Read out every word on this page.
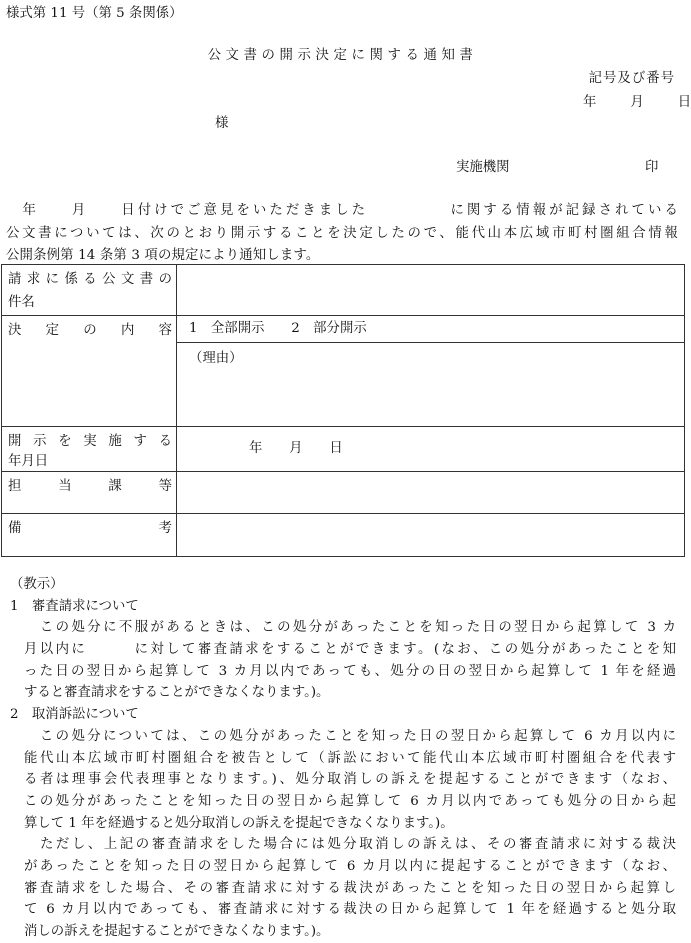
様式第 11 号（第 5 条関係）
公文書の開示決定に関する通知書
記号及び番号
年	月	日
様
実施機関	印
　年　　月　　日付けでご意見をいただきました　　　　　に関する情報が記録されている
公文書については、次のとおり開示することを決定したので、能代山本広域市町村圏組合情報
公開条例第 14 条第 3 項の規定により通知します。
請求に係る公文書の
件名	

決定の内容	1　全部開示　　2　部分開示
（理由）

開示を実施する
年月日	年　　月　　日

担当課等	

備考	

（教示）
1　審査請求について
　この処分に不服があるときは、この処分があったことを知った日の翌日から起算して 3 カ
月以内に　　　に対して審査請求をすることができます。(なお、この処分があったことを知
った日の翌日から起算して 3 カ月以内であっても、処分の日の翌日から起算して 1 年を経過
すると審査請求をすることができなくなります。)。
2　取消訴訟について
　この処分については、この処分があったことを知った日の翌日から起算して 6 カ月以内に
能代山本広域市町村圏組合を被告として（訴訟において能代山本広域市町村圏組合を代表す
る者は理事会代表理事となります。)、処分取消しの訴えを提起することができます（なお、
この処分があったことを知った日の翌日から起算して 6 カ月以内であっても処分の日から起
算して 1 年を経過すると処分取消しの訴えを提起できなくなります。)。
　ただし、上記の審査請求をした場合には処分取消しの訴えは、その審査請求に対する裁決
があったことを知った日の翌日から起算して 6 カ月以内に提起することができます（なお、
審査請求をした場合、その審査請求に対する裁決があったことを知った日の翌日から起算し
て 6 カ月以内であっても、審査請求に対する裁決の日から起算して 1 年を経過すると処分取
消しの訴えを提起することができなくなります。)。
